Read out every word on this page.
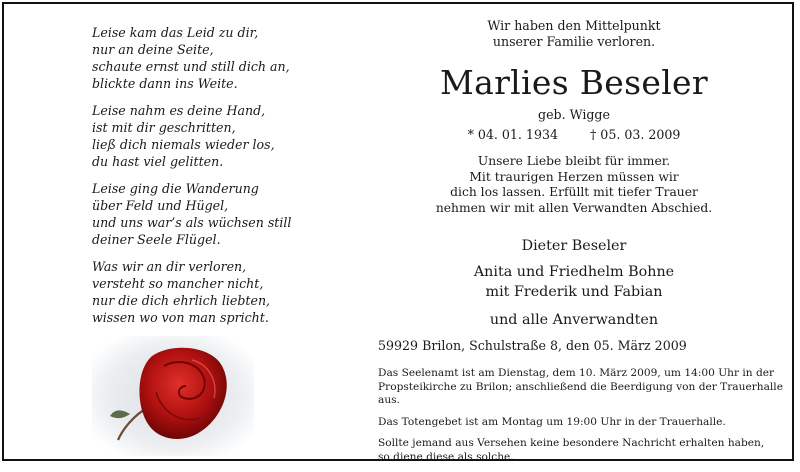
Leise kam das Leid zu dir,
nur an deine Seite,
schaute ernst und still dich an,
blickte dann ins Weite.
Leise nahm es deine Hand,
ist mit dir geschritten,
ließ dich niemals wieder los,
du hast viel gelitten.
Leise ging die Wanderung
über Feld und Hügel,
und uns war’s als wüchsen still
deiner Seele Flügel.
Was wir an dir verloren,
versteht so mancher nicht,
nur die dich ehrlich liebten,
wissen wo von man spricht.
Wir haben den Mittelpunkt
unserer Familie verloren.
Marlies Beseler
geb. Wigge
* 04. 01. 1934	† 05. 03. 2009
Unsere Liebe bleibt für immer.
Mit traurigen Herzen müssen wir
dich los lassen. Erfüllt mit tiefer Trauer
nehmen wir mit allen Verwandten Abschied.
Dieter Beseler
Anita und Friedhelm Bohne
mit Frederik und Fabian
und alle Anverwandten
59929 Brilon, Schulstraße 8, den 05. März 2009

Das Seelenamt ist am Dienstag, dem 10. März 2009, um 14:00 Uhr in der
Propsteikirche zu Brilon; anschließend die Beerdigung von der Trauerhalle aus.

Das Totengebet ist am Montag um 19:00 Uhr in der Trauerhalle.

Sollte jemand aus Versehen keine besondere Nachricht erhalten haben,
so diene diese als solche.
